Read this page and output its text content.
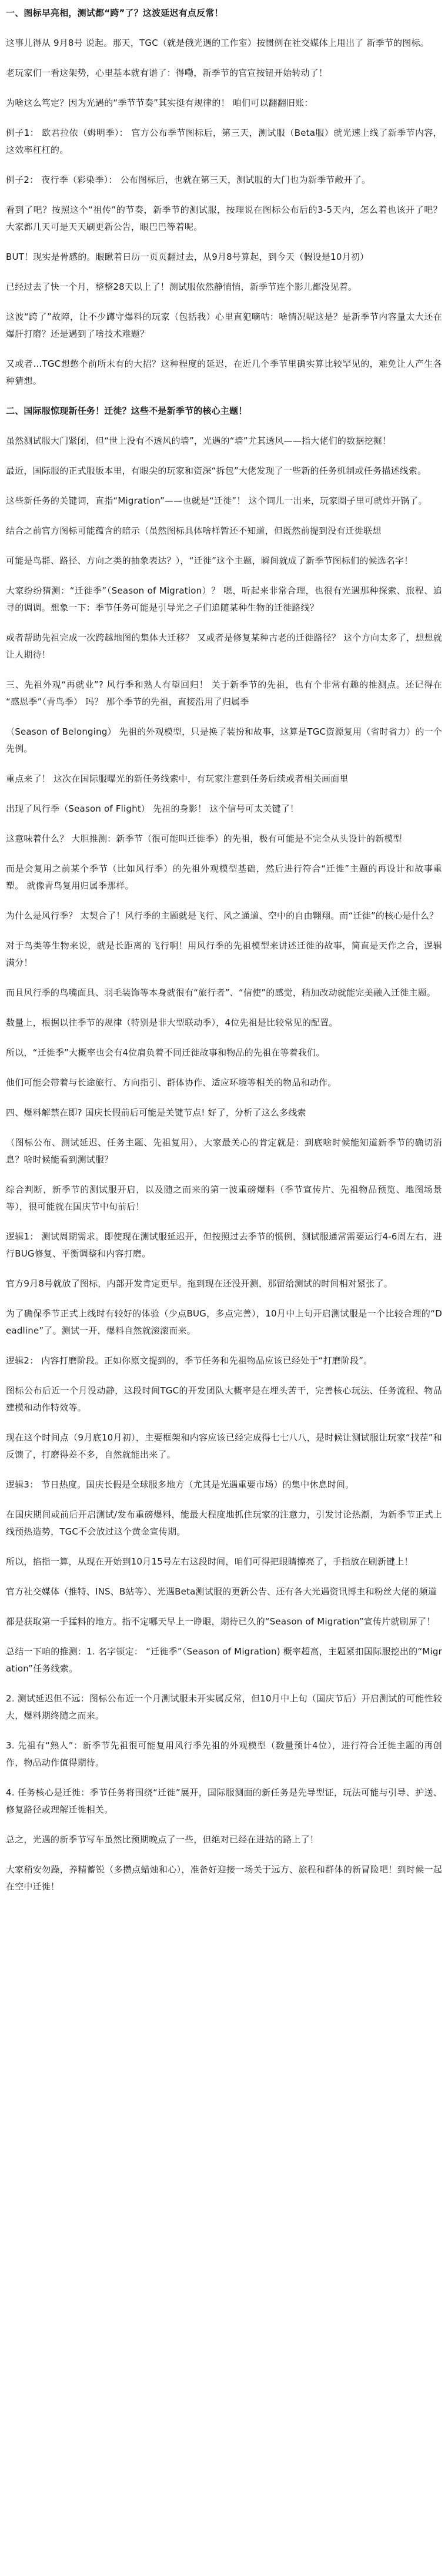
一、图标早亮相，测试都“跨”了？这波延迟有点反常！

这事儿得从 9月8号 说起。那天，TGC（就是俄光遇的工作室）按惯例在社交媒体上甩出了 新季节的图标。

老玩家们一看这架势，心里基本就有谱了：得嘞，新季节的官宣按钮开始转动了！

为啥这么笃定？因为光遇的“季节节奏”其实挺有规律的！ 咱们可以翻翻旧账：

例子1： 欧君拉依（姆明季）： 官方公布季节图标后，第三天，测试服（Beta服）就光速上线了新季节内容，这效率杠杠的。

例子2： 夜行季（彩染季）： 公布图标后，也就在第三天，测试服的大门也为新季节敞开了。

看到了吧？按照这个“祖传”的节奏，新季节的测试服，按理说在图标公布后的3-5天内，怎么着也该开了吧？ 大家都几天可是天天刷更新公告，眼巴巴等着呢。

BUT！现实是骨感的。眼瞅着日历一页页翻过去，从9月8号算起，到今天（假设是10月初）

已经过去了快一个月，整整28天以上了！测试服依然静悄悄，新季节连个影儿都没见着。

这波“跨了”故障，让不少蹲守爆料的玩家（包括我）心里直犯嘀咕：啥情况呢这是？是新季节内容量太大还在爆肝打磨？还是遇到了啥技术难题？

又或者…TGC想憋个前所未有的大招？这种程度的延迟，在近几个季节里确实算比较罕见的，难免让人产生各种猜想。

二、国际服惊现新任务！迁徙？这些不是新季节的核心主题！

虽然测试服大门紧闭，但“世上没有不透风的墙”，光遇的“墙”尤其透风——指大佬们的数据挖掘！

最近，国际服的正式服版本里，有眼尖的玩家和资深“拆包”大佬发现了一些新的任务机制或任务描述线索。

这些新任务的关键词，直指“Migration”——也就是“迁徙”！ 这个词儿一出来，玩家圈子里可就炸开锅了。

结合之前官方图标可能蕴含的暗示（虽然图标具体啥样暂还不知道，但既然前提到没有迁徙联想

可能是鸟群、路径、方向之类的抽象表达？），“迁徙”这个主题，瞬间就成了新季节图标们的候选名字！

大家纷纷猜测：“迁徙季”（Season of Migration）？ 嗯，听起来非常合理，也很有光遇那种探索、旅程、追寻的调调。想象一下：季节任务可能是引导光之子们追随某种生物的迁徙路线？

或者帮助先祖完成一次跨越地图的集体大迁移？ 又或者是修复某种古老的迁徙路径？ 这个方向太多了，想想就让人期待！

三、先祖外观“再就业”? 风行季和熟人有望回归！ 关于新季节的先祖，也有个非常有趣的推测点。还记得在 “感恩季”（青鸟季） 吗？ 那个季节的先祖，直接沿用了归属季

（Season of Belonging） 先祖的外观模型，只是换了装扮和故事，这算是TGC资源复用（省时省力）的一个先例。

重点来了！ 这次在国际服曝光的新任务线索中，有玩家注意到任务后续或者相关画面里

出现了风行季（Season of Flight） 先祖的身影！ 这个信号可太关键了！

这意味着什么？ 大胆推测：新季节（很可能叫迁徙季）的先祖，极有可能是不完全从头设计的新模型

而是会复用之前某个季节（比如风行季）的先祖外观模型基础，然后进行符合“迁徙”主题的再设计和故事重塑。 就像青鸟复用归属季那样。

为什么是风行季？ 太契合了！风行季的主题就是飞行、风之通道、空中的自由翱翔。而“迁徙”的核心是什么？

对于鸟类等生物来说，就是长距离的飞行啊！用风行季的先祖模型来讲述迁徙的故事，简直是天作之合，逻辑满分！

而且风行季的鸟嘴面具、羽毛装饰等本身就很有“旅行者”、“信使”的感觉，稍加改动就能完美融入迁徙主题。

数量上，根据以往季节的规律（特别是非大型联动季），4位先祖是比较常见的配置。

所以，“迁徙季”大概率也会有4位肩负着不同迁徙故事和物品的先祖在等着我们。

他们可能会带着与长途旅行、方向指引、群体协作、适应环境等相关的物品和动作。

四、爆料解禁在即? 国庆长假前后可能是关键节点! 好了，分析了这么多线索

（图标公布、测试延迟、任务主题、先祖复用），大家最关心的肯定就是：到底啥时候能知道新季节的确切消息？啥时候能看到测试服？

综合判断，新季节的测试服开启，以及随之而来的第一波重磅爆料（季节宣传片、先祖物品预览、地图场景等），很可能就在国庆节中旬前后！

逻辑1： 测试周期需求。即使现在测试服延迟开，但按照过去季节的惯例，测试服通常需要运行4-6周左右，进行BUG修复、平衡调整和内容打磨。

官方9月8号就放了图标，内部开发肯定更早。拖到现在还没开测，那留给测试的时间相对紧张了。

为了确保季节正式上线时有较好的体验（少点BUG，多点完善），10月中上旬开启测试服是一个比较合理的“Deadline”了。测试一开，爆料自然就滚滚而来。

逻辑2： 内容打磨阶段。正如你原文提到的，季节任务和先祖物品应该已经处于“打磨阶段”。

图标公布后近一个月没动静，这段时间TGC的开发团队大概率是在埋头苦干，完善核心玩法、任务流程、物品建模和动作特效等。

现在这个时间点（9月底10月初），主要框架和内容应该已经完成得七七八八，是时候让测试服让玩家“找茬”和反馈了，打磨得差不多，自然就能出来了。

逻辑3： 节日热度。国庆长假是全球服多地方（尤其是光遇重要市场）的集中休息时间。

在国庆期间或前后开启测试/发布重磅爆料，能最大程度地抓住玩家的注意力，引发讨论热潮，为新季节正式上线预热造势，TGC不会放过这个黄金宣传期。

所以，掐指一算，从现在开始到10月15号左右这段时间，咱们可得把眼睛擦亮了，手指放在刷新键上！

官方社交媒体（推特、INS、B站等）、光遇Beta测试服的更新公告、还有各大光遇资讯博主和粉丝大佬的频道

都是获取第一手猛料的地方。指不定哪天早上一睁眼，期待已久的“Season of Migration”宣传片就刷屏了！

总结一下咱的推测：1. 名字锁定： “迁徙季”（Season of Migration) 概率超高，主题紧扣国际服挖出的“Migration”任务线索。

2. 测试延迟但不远：图标公布近一个月测试服未开实属反常，但10月中上旬（国庆节后）开启测试的可能性较大，爆料期终随之而来。

3. 先祖有“熟人”：新季节先祖很可能复用风行季先祖的外观模型（数量预计4位），进行符合迁徙主题的再创作，物品动作值得期待。

4. 任务核心是迁徙：季节任务将围绕“迁徙”展开，国际服测面的新任务是先导型证，玩法可能与引导、护送、修复路径或理解迁徙相关。

总之，光遇的新季节写车虽然比预期晚点了一些，但绝对已经在进站的路上了！

大家稍安勿躁，养精蓄锐（多攒点蜡烛和心），准备好迎接一场关于远方、旅程和群体的新冒险吧！到时候一起在空中迁徙！
